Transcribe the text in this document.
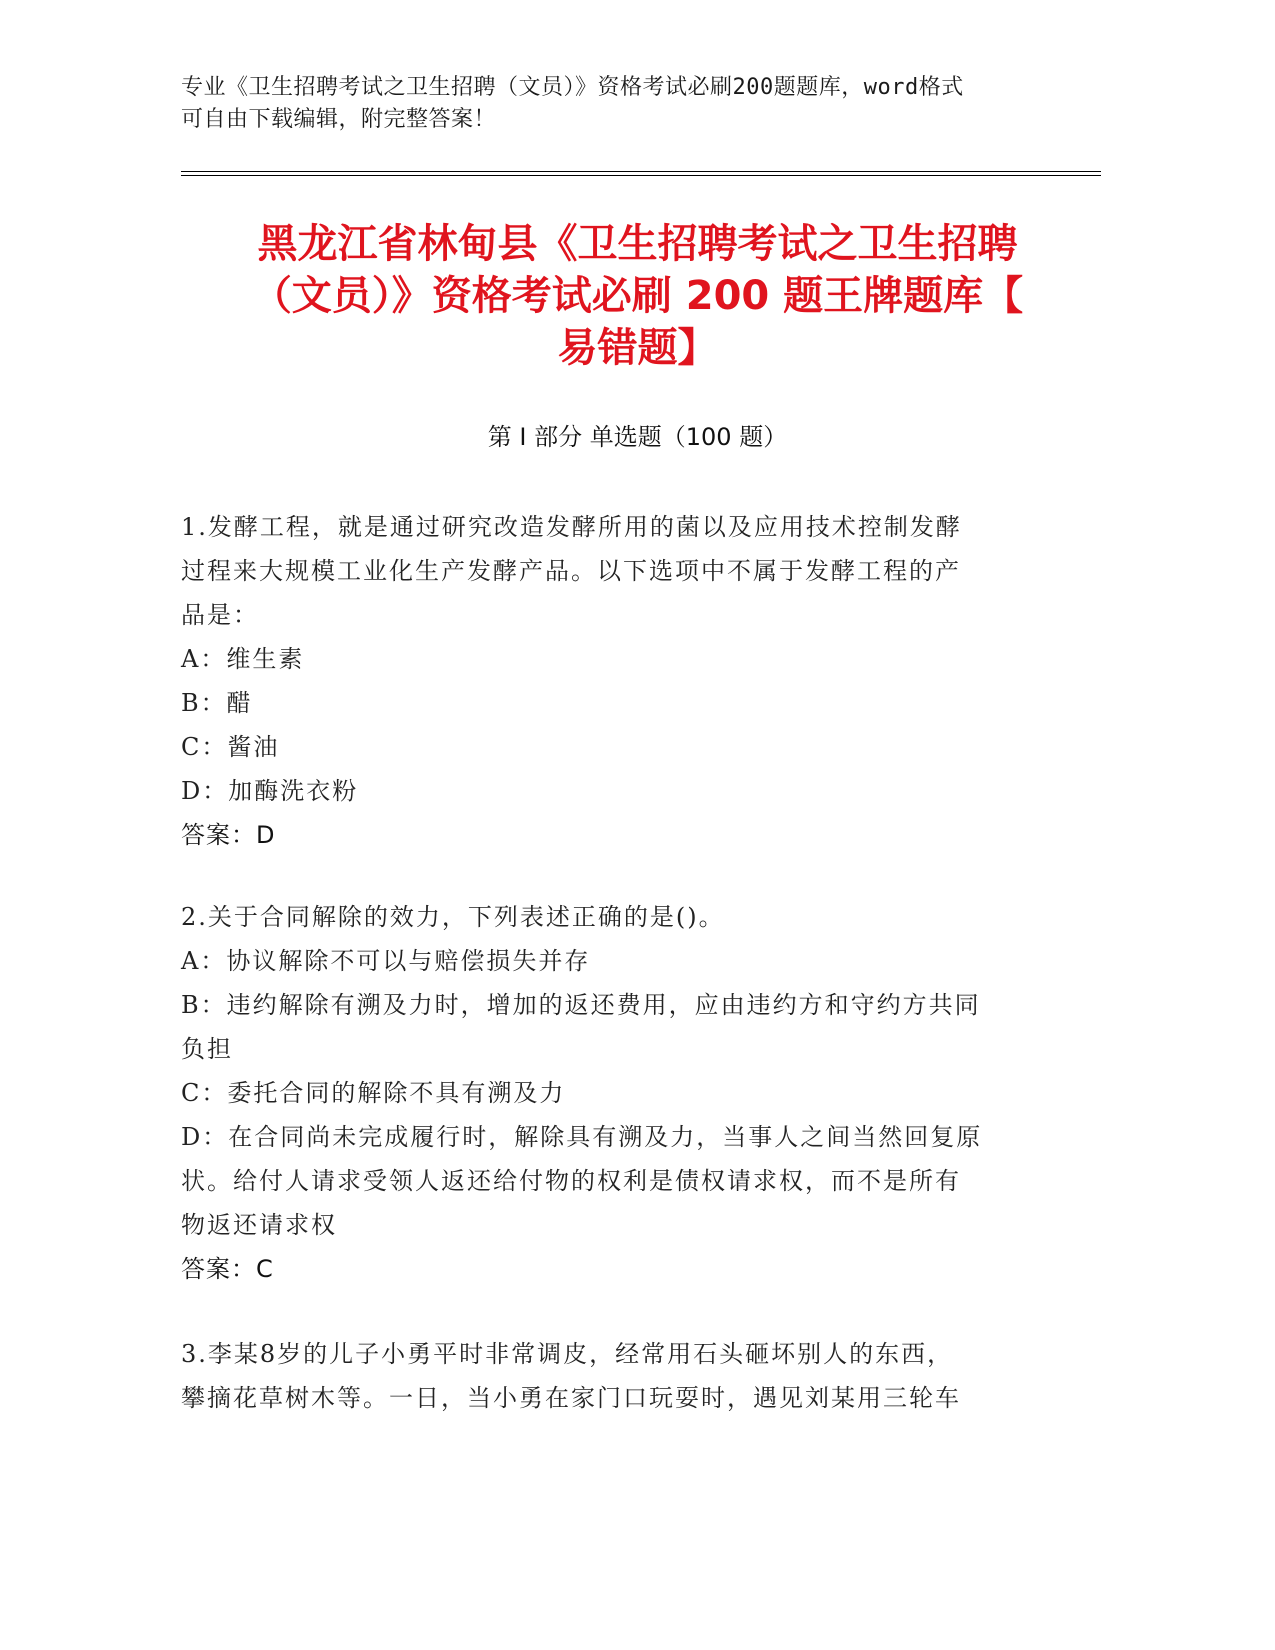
专业《卫生招聘考试之卫生招聘（文员）》资格考试必刷200题题库，word格式
可自由下载编辑，附完整答案！
黑龙江省林甸县《卫生招聘考试之卫生招聘
（文员）》资格考试必刷 200 题王牌题库【
易错题】
第 I 部分 单选题（100 题）
1.发酵工程，就是通过研究改造发酵所用的菌以及应用技术控制发酵
过程来大规模工业化生产发酵产品。以下选项中不属于发酵工程的产
品是：
A：维生素
B：醋
C：酱油
D：加酶洗衣粉
答案：D
2.关于合同解除的效力，下列表述正确的是()。
A：协议解除不可以与赔偿损失并存
B：违约解除有溯及力时，增加的返还费用，应由违约方和守约方共同
负担
C：委托合同的解除不具有溯及力
D：在合同尚未完成履行时，解除具有溯及力，当事人之间当然回复原
状。给付人请求受领人返还给付物的权利是债权请求权，而不是所有
物返还请求权
答案：C
3.李某8岁的儿子小勇平时非常调皮，经常用石头砸坏别人的东西，
攀摘花草树木等。一日，当小勇在家门口玩耍时，遇见刘某用三轮车
